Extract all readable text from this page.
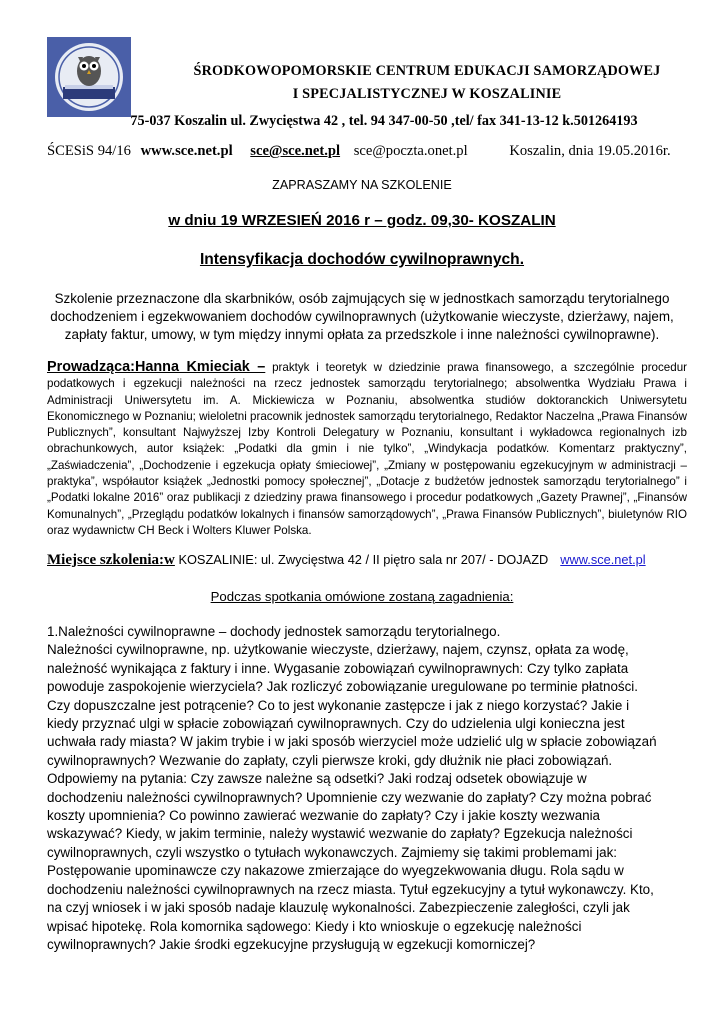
ŚRODKOWOPOMORSKIE CENTRUM EDUKACJI SAMORZĄDOWEJ
I SPECJALISTYCZNEJ W KOSZALINIE
75-037 Koszalin ul. Zwycięstwa 42 , tel. 94 347-00-50 ,tel/ fax 341-13-12 k.501264193
ŚCESiS 94/16 www.sce.net.pl sce@sce.net.pl sce@poczta.onet.pl	Koszalin, dnia 19.05.2016r.
ZAPRASZAMY NA SZKOLENIE
w dniu 19 WRZESIEŃ 2016 r – godz. 09,30- KOSZALIN
Intensyfikacja dochodów cywilnoprawnych.
Szkolenie przeznaczone dla skarbników, osób zajmujących się w jednostkach samorządu terytorialnego dochodzeniem i egzekwowaniem dochodów cywilnoprawnych (użytkowanie wieczyste, dzierżawy, najem, zapłaty faktur, umowy, w tym między innymi opłata za przedszkole i inne należności cywilnoprawne).
Prowadząca:Hanna Kmieciak – praktyk i teoretyk w dziedzinie prawa finansowego, a szczególnie procedur podatkowych i egzekucji należności na rzecz jednostek samorządu terytorialnego; absolwentka Wydziału Prawa i Administracji Uniwersytetu im. A. Mickiewicza w Poznaniu, absolwentka studiów doktoranckich Uniwersytetu Ekonomicznego w Poznaniu; wieloletni pracownik jednostek samorządu terytorialnego, Redaktor Naczelna „Prawa Finansów Publicznych”, konsultant Najwyższej Izby Kontroli Delegatury w Poznaniu, konsultant i wykładowca regionalnych izb obrachunkowych, autor książek: „Podatki dla gmin i nie tylko”, „Windykacja podatków. Komentarz praktyczny”, „Zaświadczenia”, „Dochodzenie i egzekucja opłaty śmieciowej”, „Zmiany w postępowaniu egzekucyjnym w administracji – praktyka”, współautor książek „Jednostki pomocy społecznej”, „Dotacje z budżetów jednostek samorządu terytorialnego” i „Podatki lokalne 2016” oraz publikacji z dziedziny prawa finansowego i procedur podatkowych „Gazety Prawnej”, „Finansów Komunalnych”, „Przeglądu podatków lokalnych i finansów samorządowych”, „Prawa Finansów Publicznych”, biuletynów RIO oraz wydawnictw CH Beck i Wolters Kluwer Polska.
Miejsce szkolenia:w KOSZALINIE: ul. Zwycięstwa 42 / II piętro sala nr 207/ - DOJAZD www.sce.net.pl
Podczas spotkania omówione zostaną zagadnienia:

1.Należności cywilnoprawne – dochody jednostek samorządu terytorialnego.

Należności cywilnoprawne, np. użytkowanie wieczyste, dzierżawy, najem, czynsz, opłata za wodę, należność wynikająca z faktury i inne. Wygasanie zobowiązań cywilnoprawnych: Czy tylko zapłata powoduje zaspokojenie wierzyciela? Jak rozliczyć zobowiązanie uregulowane po terminie płatności. Czy dopuszczalne jest potrącenie? Co to jest wykonanie zastępcze i jak z niego korzystać? Jakie i kiedy przyznać ulgi w spłacie zobowiązań cywilnoprawnych. Czy do udzielenia ulgi konieczna jest uchwała rady miasta? W jakim trybie i w jaki sposób wierzyciel może udzielić ulg w spłacie zobowiązań cywilnoprawnych? Wezwanie do zapłaty, czyli pierwsze kroki, gdy dłużnik nie płaci zobowiązań. Odpowiemy na pytania: Czy zawsze należne są odsetki? Jaki rodzaj odsetek obowiązuje w dochodzeniu należności cywilnoprawnych? Upomnienie czy wezwanie do zapłaty? Czy można pobrać koszty upomnienia? Co powinno zawierać wezwanie do zapłaty? Czy i jakie koszty wezwania wskazywać? Kiedy, w jakim terminie, należy wystawić wezwanie do zapłaty? Egzekucja należności cywilnoprawnych, czyli wszystko o tytułach wykonawczych. Zajmiemy się takimi problemami jak: Postępowanie upominawcze czy nakazowe zmierzające do wyegzekwowania długu. Rola sądu w dochodzeniu należności cywilnoprawnych na rzecz miasta. Tytuł egzekucyjny a tytuł wykonawczy. Kto, na czyj wniosek i w jaki sposób nadaje klauzulę wykonalności. Zabezpieczenie zaległości, czyli jak wpisać hipotekę. Rola komornika sądowego: Kiedy i kto wnioskuje o egzekucję należności cywilnoprawnych? Jakie środki egzekucyjne przysługują w egzekucji komorniczej?
